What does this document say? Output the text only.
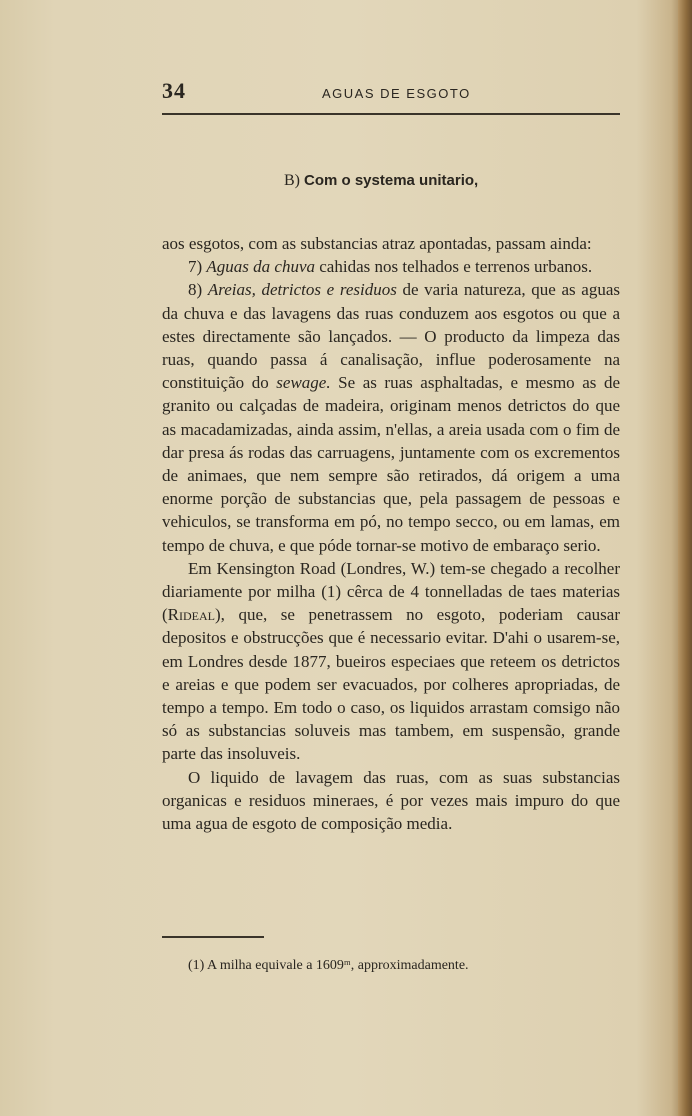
34	AGUAS DE ESGOTO
B) Com o systema unitario,

aos esgotos, com as substancias atraz apontadas, passam ainda:

7) Aguas da chuva cahidas nos telhados e terrenos urbanos.

8) Areias, detrictos e residuos de varia natureza, que as aguas da chuva e das lavagens das ruas conduzem aos esgotos ou que a estes directamente são lançados. — O producto da limpeza das ruas, quando passa á canalisação, influe poderosamente na constituição do sewage. Se as ruas asphaltadas, e mesmo as de granito ou calçadas de madeira, originam menos detrictos do que as macadamizadas, ainda assim, n'ellas, a areia usada com o fim de dar presa ás rodas das carruagens, juntamente com os excrementos de animaes, que nem sempre são retirados, dá origem a uma enorme porção de substancias que, pela passagem de pessoas e vehiculos, se transforma em pó, no tempo secco, ou em lamas, em tempo de chuva, e que póde tornar-se motivo de embaraço serio.

Em Kensington Road (Londres, W.) tem-se chegado a recolher diariamente por milha (1) cêrca de 4 tonnelladas de taes materias (Rideal), que, se penetrassem no esgoto, poderiam causar depositos e obstrucções que é necessario evitar. D'ahi o usarem-se, em Londres desde 1877, bueiros especiaes que reteem os detrictos e areias e que podem ser evacuados, por colheres apropriadas, de tempo a tempo. Em todo o caso, os liquidos arrastam comsigo não só as substancias soluveis mas tambem, em suspensão, grande parte das insoluveis.

O liquido de lavagem das ruas, com as suas substancias organicas e residuos mineraes, é por vezes mais impuro do que uma agua de esgoto de composição media.

(1) A milha equivale a 1609ᵐ, approximadamente.
